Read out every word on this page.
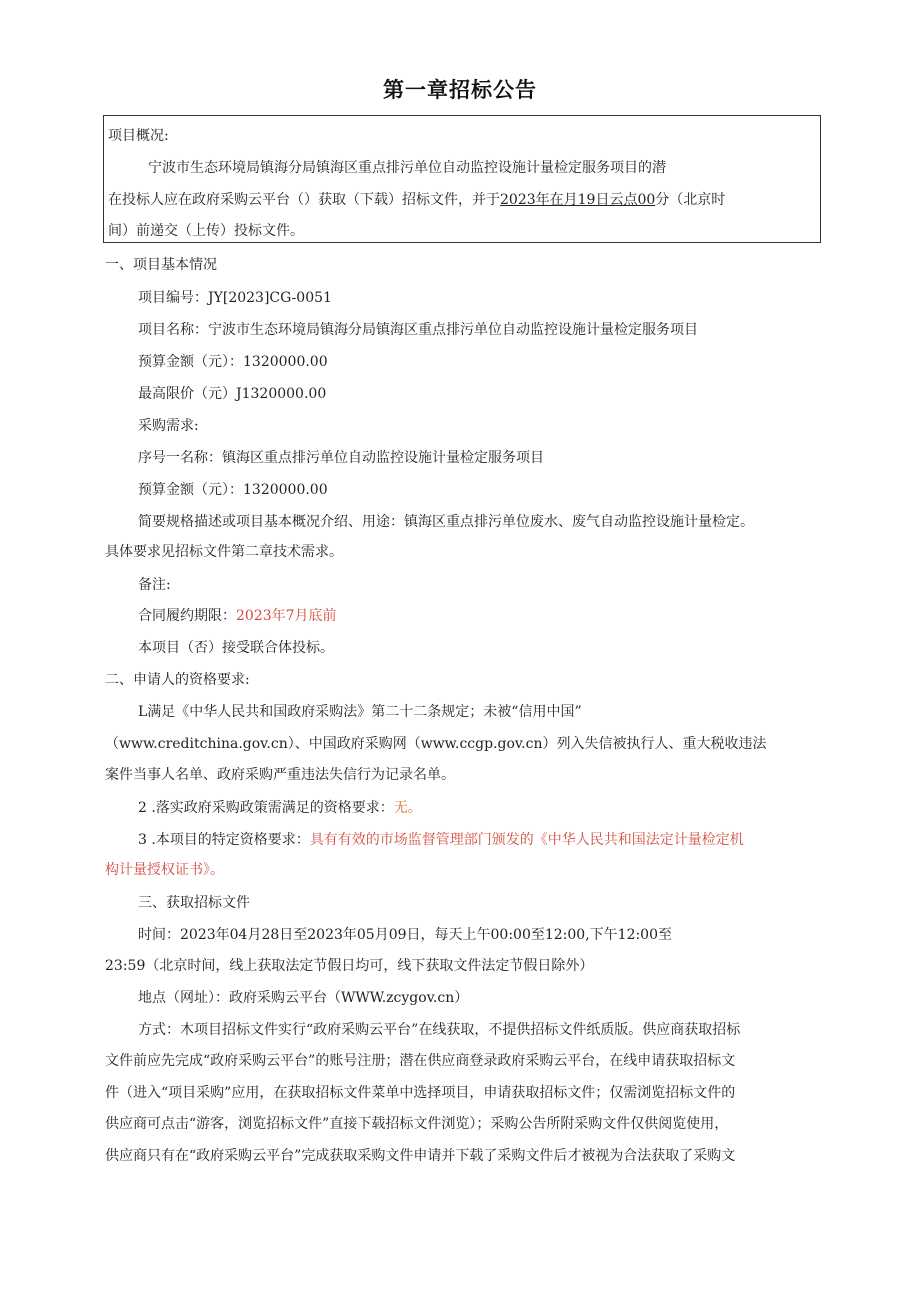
第一章招标公告
项目概况:
宁波市生态环境局镇海分局镇海区重点排污单位自动监控设施计量检定服务项目的潜
在投标人应在政府采购云平台（）获取（下载）招标文件，并于2023年在月19日云点00分（北京时
间）前递交（上传）投标文件。
一、项目基本情况
项目编号：JY[2023]CG-0051
项目名称：宁波市生态环境局镇海分局镇海区重点排污单位自动监控设施计量检定服务项目
预算金额（元）：1320000.00
最高限价（元）J1320000.00
采购需求:
序号一名称：镇海区重点排污单位自动监控设施计量检定服务项目
预算金额（元）：1320000.00
简要规格描述或项目基本概况介绍、用途：镇海区重点排污单位废水、废气自动监控设施计量检定。
具体要求见招标文件第二章技术需求。
备注:
合同履约期限：2023年7月底前
本项目（否）接受联合体投标。
二、申请人的资格要求:
L满足《中华人民共和国政府采购法》第二十二条规定；未被“信用中国”
（www.creditchina.gov.cn）、中国政府采购网（www.ccgp.gov.cn）列入失信被执行人、重大税收违法
案件当事人名单、政府采购严重违法失信行为记录名单。
2 .落实政府采购政策需满足的资格要求：无。
3 .本项目的特定资格要求：具有有效的市场监督管理部门颁发的《中华人民共和国法定计量检定机
构计量授权证书》。
三、获取招标文件
时间：2023年04月28日至2023年05月09日，每天上午00:00至12:00,下午12:00至
23:59（北京时间，线上获取法定节假日均可，线下获取文件法定节假日除外）
地点（网址）：政府采购云平台（WWW.zcygov.cn）
方式：木项目招标文件实行“政府采购云平台”在线获取，不提供招标文件纸质版。供应商获取招标
文件前应先完成“政府采购云平台”的账号注册；潜在供应商登录政府采购云平台，在线申请获取招标文
件（进入“项目采购”应用，在获取招标文件菜单中选择项目，申请获取招标文件；仅需浏览招标文件的
供应商可点击“游客，浏览招标文件”直接下载招标文件浏览）；采购公告所附采购文件仅供阅览使用，
供应商只有在“政府采购云平台”完成获取采购文件申请并下载了采购文件后才被视为合法获取了采购文
